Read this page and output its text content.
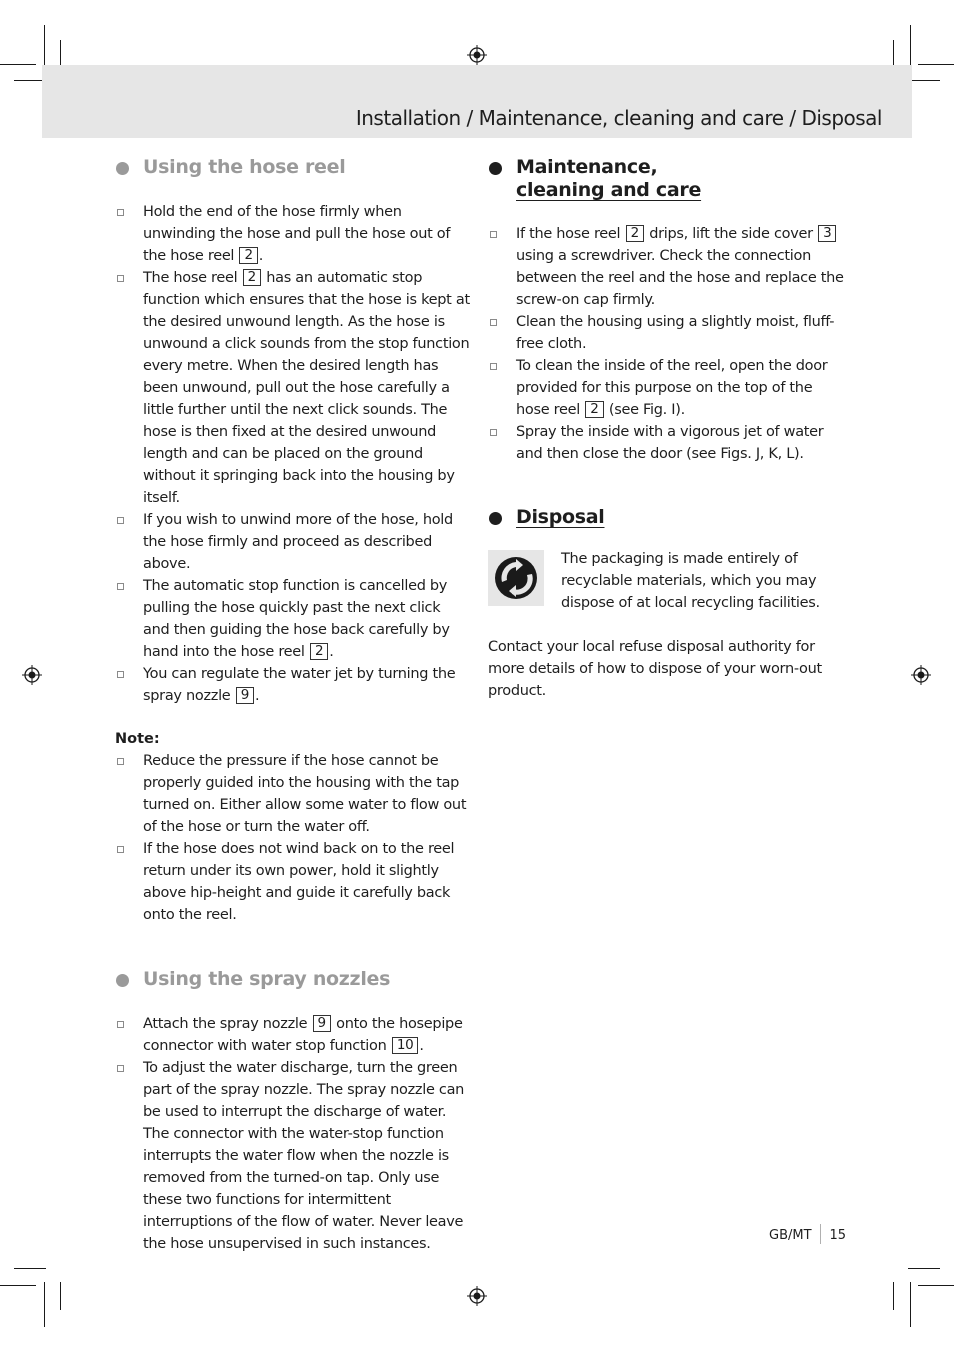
Installation / Maintenance, cleaning and care / Disposal
Using the hose reel
Hold the end of the hose firmly when unwinding the hose and pull the hose out of the hose reel 2 .
The hose reel 2 has an automatic stop function which ensures that the hose is kept at the desired unwound length. As the hose is unwound a click sounds from the stop function every metre. When the desired length has been unwound, pull out the hose carefully a little further until the next click sounds. The hose is then fixed at the desired unwound length and can be placed on the ground without it springing back into the housing by itself.
If you wish to unwind more of the hose, hold the hose firmly and proceed as described above.
The automatic stop function is cancelled by pulling the hose quickly past the next click and then guiding the hose back carefully by hand into the hose reel 2 .
You can regulate the water jet by turning the spray nozzle 9 .

Note:

Reduce the pressure if the hose cannot be properly guided into the housing with the tap turned on. Either allow some water to flow out of the hose or turn the water off.
If the hose does not wind back on to the reel return under its own power, hold it slightly above hip-height and guide it carefully back onto the reel.
Using the spray nozzles
Attach the spray nozzle 9 onto the hosepipe connector with water stop function 10 .
To adjust the water discharge, turn the green part of the spray nozzle. The spray nozzle can be used to interrupt the discharge of water. The connector with the water-stop function interrupts the water flow when the nozzle is removed from the turned-on tap. Only use these two functions for intermittent interruptions of the flow of water. Never leave the hose unsupervised in such instances.
Maintenance,
cleaning and care
If the hose reel 2 drips, lift the side cover 3 using a screwdriver. Check the connection between the reel and the hose and replace the screw-on cap firmly.
Clean the housing using a slightly moist, fluff-free cloth.
To clean the inside of the reel, open the door provided for this purpose on the top of the hose reel 2 (see Fig. I).
Spray the inside with a vigorous jet of water and then close the door (see Figs. J, K, L).
Disposal

The packaging is made entirely of recyclable materials, which you may dispose of at local recycling facilities.

Contact your local refuse disposal authority for more details of how to dispose of your worn-out product.

GB/MT 15
